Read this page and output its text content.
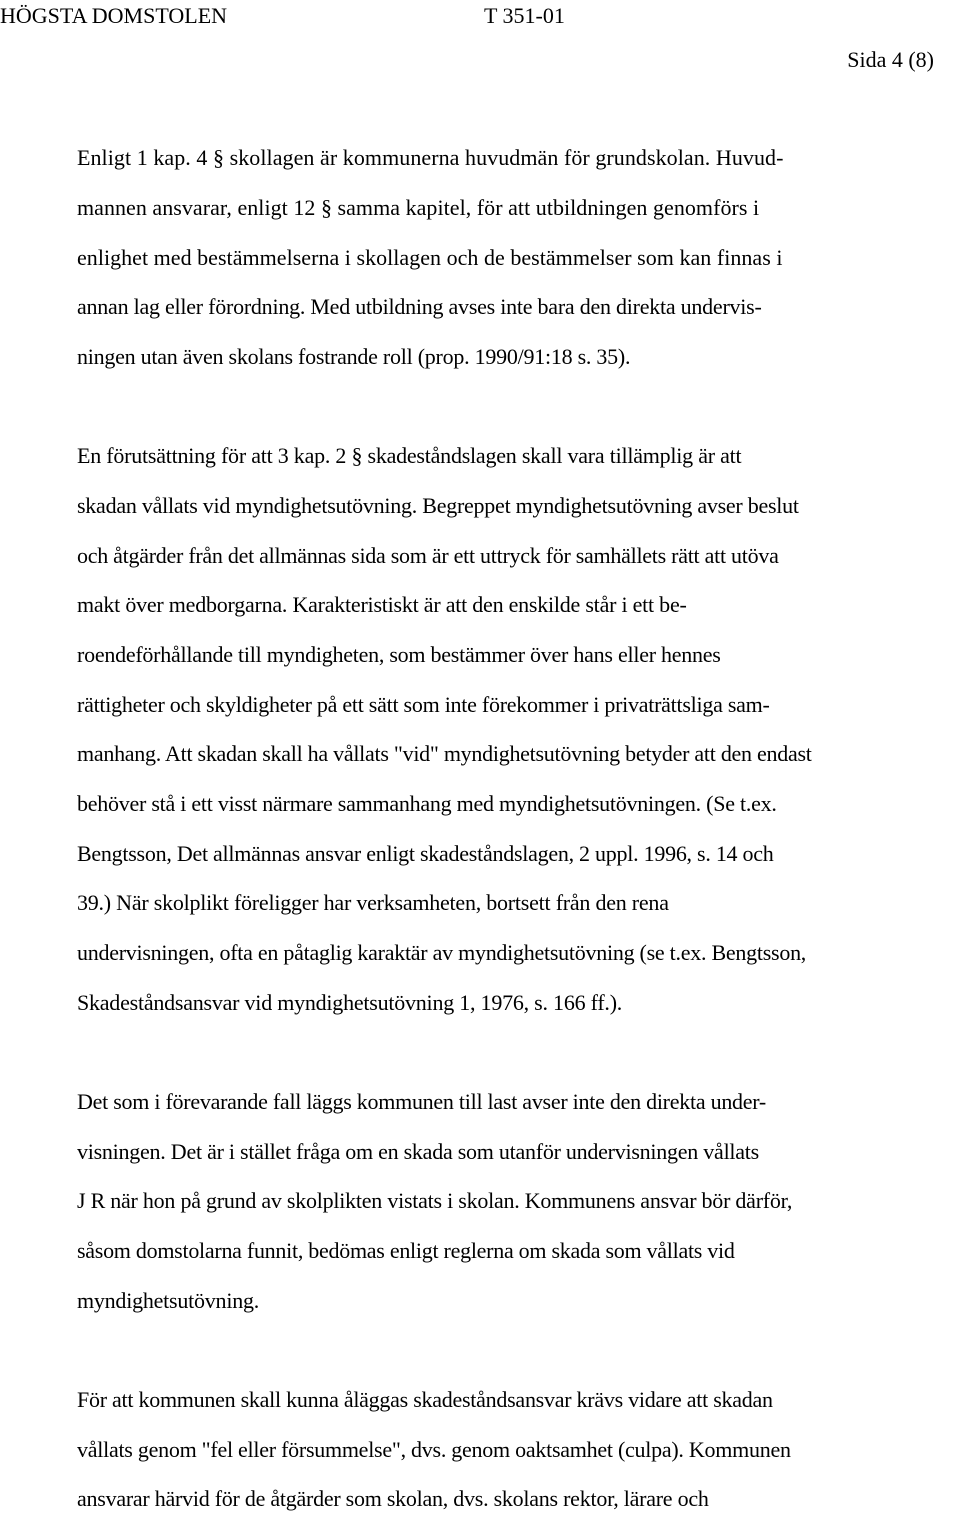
HÖGSTA DOMSTOLEN	T 351-01
Sida 4 (8)
Enligt 1 kap. 4 § skollagen är kommunerna huvudmän för grundskolan. Huvud-
mannen ansvarar, enligt 12 § samma kapitel, för att utbildningen genomförs i
enlighet med bestämmelserna i skollagen och de bestämmelser som kan finnas i
annan lag eller förordning. Med utbildning avses inte bara den direkta undervis-
ningen utan även skolans fostrande roll (prop. 1990/91:18 s. 35).
En förutsättning för att 3 kap. 2 § skadeståndslagen skall vara tillämplig är att
skadan vållats vid myndighetsutövning. Begreppet myndighetsutövning avser beslut
och åtgärder från det allmännas sida som är ett uttryck för samhällets rätt att utöva
makt över medborgarna. Karakteristiskt är att den enskilde står i ett be-
roendeförhållande till myndigheten, som bestämmer över hans eller hennes
rättigheter och skyldigheter på ett sätt som inte förekommer i privaträttsliga sam-
manhang. Att skadan skall ha vållats "vid" myndighetsutövning betyder att den endast
behöver stå i ett visst närmare sammanhang med myndighetsutövningen. (Se t.ex.
Bengtsson, Det allmännas ansvar enligt skadeståndslagen, 2 uppl. 1996, s. 14 och
39.) När skolplikt föreligger har verksamheten, bortsett från den rena
undervisningen, ofta en påtaglig karaktär av myndighetsutövning (se t.ex. Bengtsson,
Skadeståndsansvar vid myndighetsutövning 1, 1976, s. 166 ff.).
Det som i förevarande fall läggs kommunen till last avser inte den direkta under-
visningen. Det är i stället fråga om en skada som utanför undervisningen vållats
J R när hon på grund av skolplikten vistats i skolan. Kommunens ansvar bör därför,
såsom domstolarna funnit, bedömas enligt reglerna om skada som vållats vid
myndighetsutövning.
För att kommunen skall kunna åläggas skadeståndsansvar krävs vidare att skadan
vållats genom "fel eller försummelse", dvs. genom oaktsamhet (culpa). Kommunen
ansvarar härvid för de åtgärder som skolan, dvs. skolans rektor, lärare och
